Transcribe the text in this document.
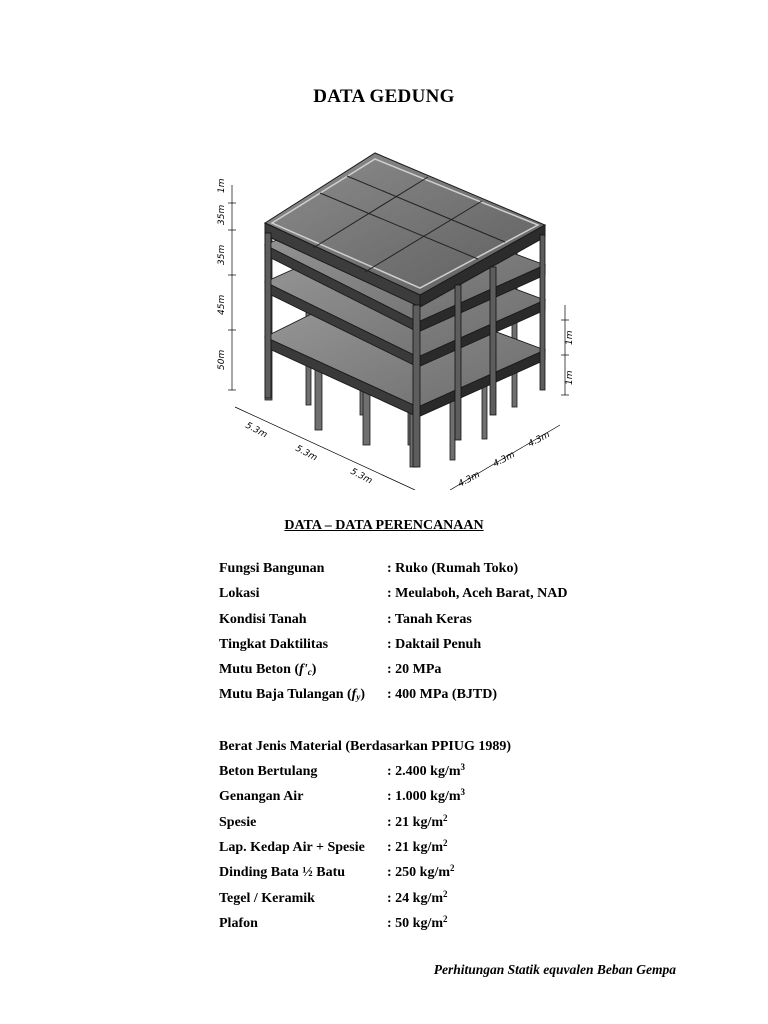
DATA GEDUNG
1m
35m
35m
45m
50m
1m
1m
5.3m
5.3m
5.3m	4.3m
4.3m
4.3m
DATA – DATA PERENCANAAN
Fungsi Bangunan	: Ruko (Rumah Toko)
Lokasi	: Meulaboh, Aceh Barat, NAD
Kondisi Tanah	: Tanah Keras
Tingkat Daktilitas	: Daktail Penuh
Mutu Beton $(f'_c)$	: 20 MPa
Mutu Baja Tulangan $(f_y)$	: 400 MPa (BJTD)
Berat Jenis Material (Berdasarkan PPIUG 1989)
Beton Bertulang	: 2.400 $kg/m^3$
Genangan Air	: 1.000 $kg/m^3$
Spesie	: 21 $kg/m^2$
Lap. Kedap Air + Spesie	: 21 $kg/m^2$
Dinding Bata ½ Batu	: 250 $kg/m^2$
Tegel / Keramik	: 24 $kg/m^2$
Plafon	: 50 $kg/m^2$
Perhitungan Statik equvalen Beban Gempa
